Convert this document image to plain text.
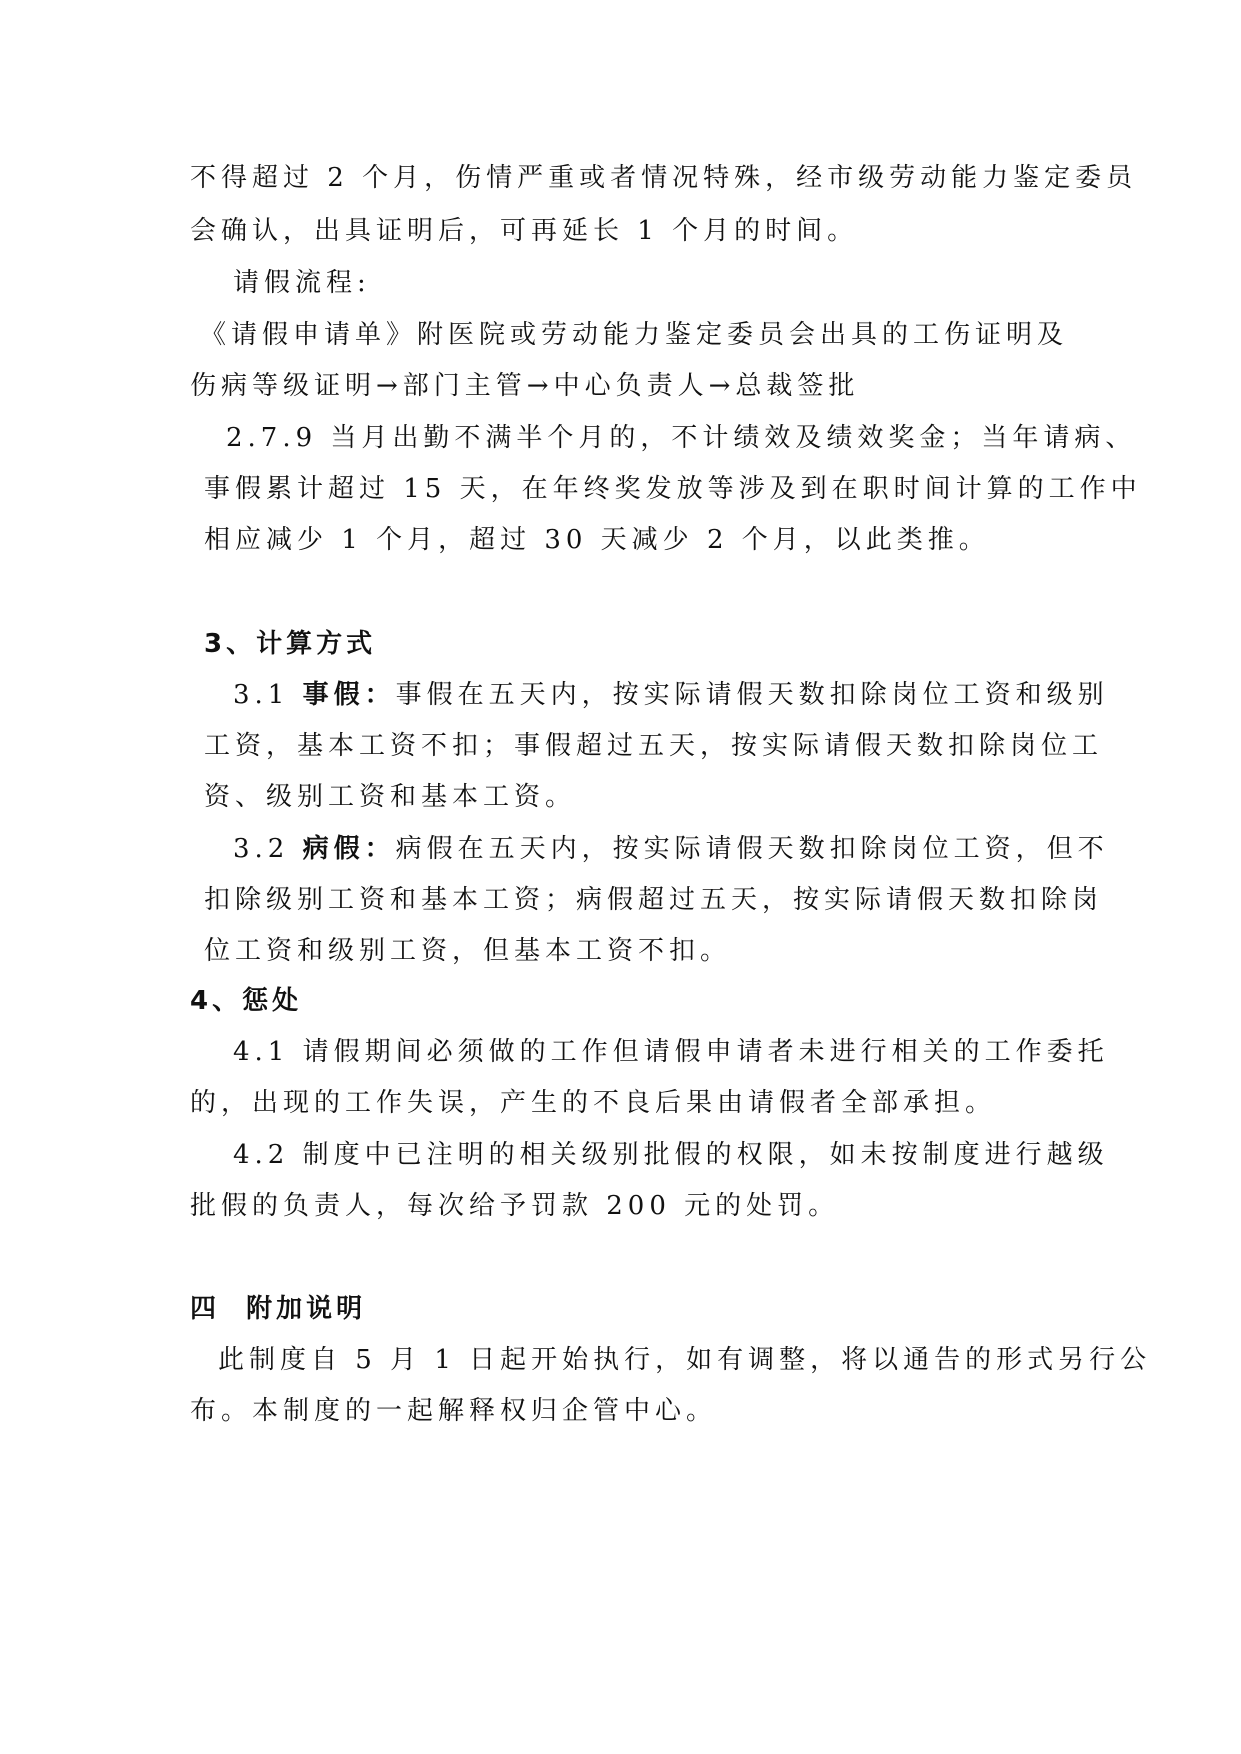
不得超过 2 个月，伤情严重或者情况特殊，经市级劳动能力鉴定委员
会确认，出具证明后，可再延长 1 个月的时间。
请假流程:
《请假申请单》附医院或劳动能力鉴定委员会出具的工伤证明及
伤病等级证明→部门主管→中心负责人→总裁签批
2.7.9 当月出勤不满半个月的，不计绩效及绩效奖金；当年请病、
事假累计超过 15 天，在年终奖发放等涉及到在职时间计算的工作中
相应减少 1 个月，超过 30 天减少 2 个月，以此类推。
3、计算方式
3.1 事假：事假在五天内，按实际请假天数扣除岗位工资和级别
工资，基本工资不扣；事假超过五天，按实际请假天数扣除岗位工
资、级别工资和基本工资。
3.2 病假：病假在五天内，按实际请假天数扣除岗位工资，但不
扣除级别工资和基本工资；病假超过五天，按实际请假天数扣除岗
位工资和级别工资，但基本工资不扣。
4、惩处
4.1 请假期间必须做的工作但请假申请者未进行相关的工作委托
的，出现的工作失误，产生的不良后果由请假者全部承担。
4.2 制度中已注明的相关级别批假的权限，如未按制度进行越级
批假的负责人，每次给予罚款 200 元的处罚。
四  附加说明
此制度自 5 月 1 日起开始执行，如有调整，将以通告的形式另行公
布。本制度的一起解释权归企管中心。
